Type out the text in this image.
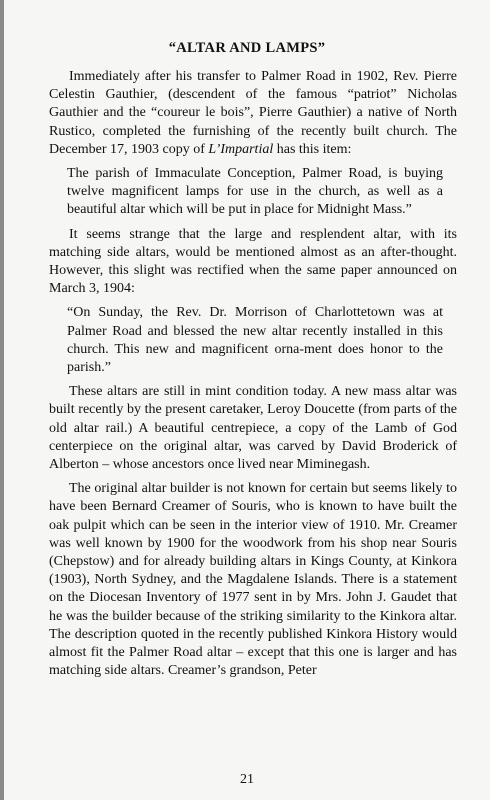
“ALTAR AND LAMPS”

Immediately after his transfer to Palmer Road in 1902, Rev. Pierre Celestin Gauthier, (descendent of the famous “patriot” Nicholas Gauthier and the “coureur le bois”, Pierre Gauthier) a native of North Rustico, completed the furnishing of the recently built church. The December 17, 1903 copy of L’Impartial has this item:

The parish of Immaculate Conception, Palmer Road, is buying twelve magnificent lamps for use in the church, as well as a beautiful altar which will be put in place for Midnight Mass.”

It seems strange that the large and resplendent altar, with its matching side altars, would be mentioned almost as an after-thought. However, this slight was rectified when the same paper announced on March 3, 1904:

“On Sunday, the Rev. Dr. Morrison of Charlottetown was at Palmer Road and blessed the new altar recently installed in this church. This new and magnificent orna-ment does honor to the parish.”

These altars are still in mint condition today. A new mass altar was built recently by the present caretaker, Leroy Doucette (from parts of the old altar rail.) A beautiful centrepiece, a copy of the Lamb of God centerpiece on the original altar, was carved by David Broderick of Alberton – whose ancestors once lived near Miminegash.

The original altar builder is not known for certain but seems likely to have been Bernard Creamer of Souris, who is known to have built the oak pulpit which can be seen in the interior view of 1910. Mr. Creamer was well known by 1900 for the woodwork from his shop near Souris (Chepstow) and for already building altars in Kings County, at Kinkora (1903), North Sydney, and the Magdalene Islands. There is a statement on the Diocesan Inventory of 1977 sent in by Mrs. John J. Gaudet that he was the builder because of the striking similarity to the Kinkora altar. The description quoted in the recently published Kinkora History would almost fit the Palmer Road altar – except that this one is larger and has matching side altars. Creamer’s grandson, Peter

21
